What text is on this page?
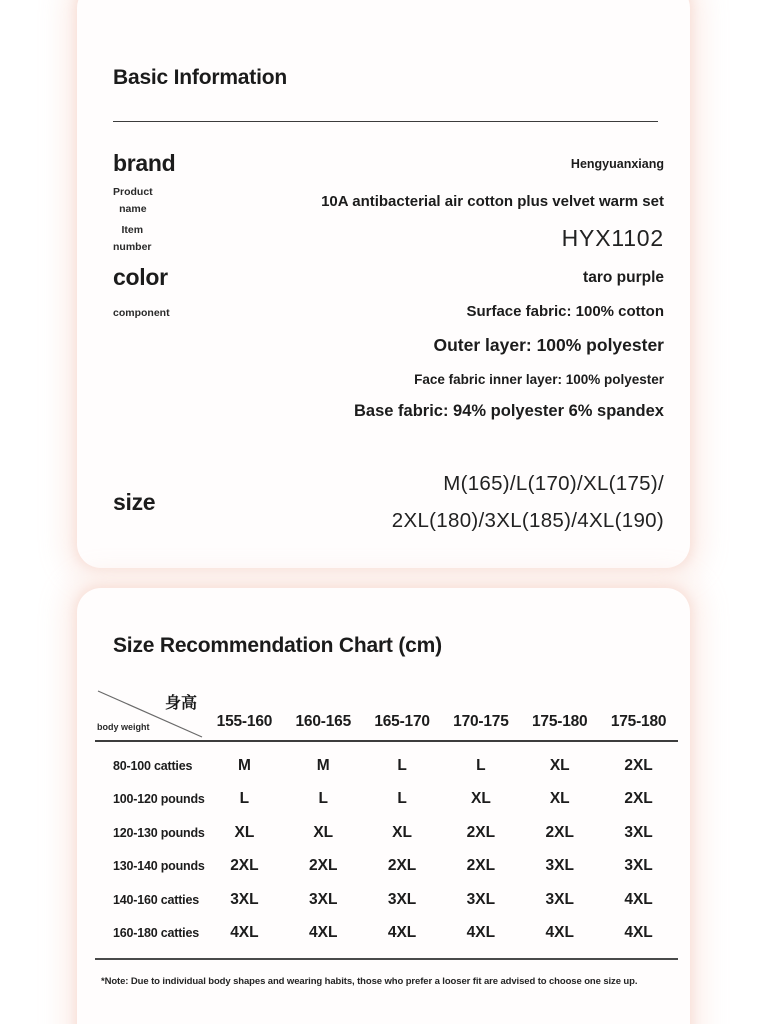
Basic Information
brand	Hengyuanxiang
Product
name	10A antibacterial air cotton plus velvet warm set
Item
number	HYX1102
color	taro purple
component	Surface fabric: 100% cotton
Outer layer: 100% polyester
Face fabric inner layer: 100% polyester
Base fabric: 94% polyester 6% spandex
size
M(165)/L(170)/XL(175)/
2XL(180)/3XL(185)/4XL(190)
Size Recommendation Chart (cm)
身高
body weight	155-160	160-165	165-170	170-175	175-180	175-180
80-100 catties	M	M	L	L	XL	2XL
100-120 pounds	L	L	L	XL	XL	2XL
120-130 pounds	XL	XL	XL	2XL	2XL	3XL
130-140 pounds	2XL	2XL	2XL	2XL	3XL	3XL
140-160 catties	3XL	3XL	3XL	3XL	3XL	4XL
160-180 catties	4XL	4XL	4XL	4XL	4XL	4XL

*Note: Due to individual body shapes and wearing habits, those who prefer a looser fit are advised to choose one size up.
